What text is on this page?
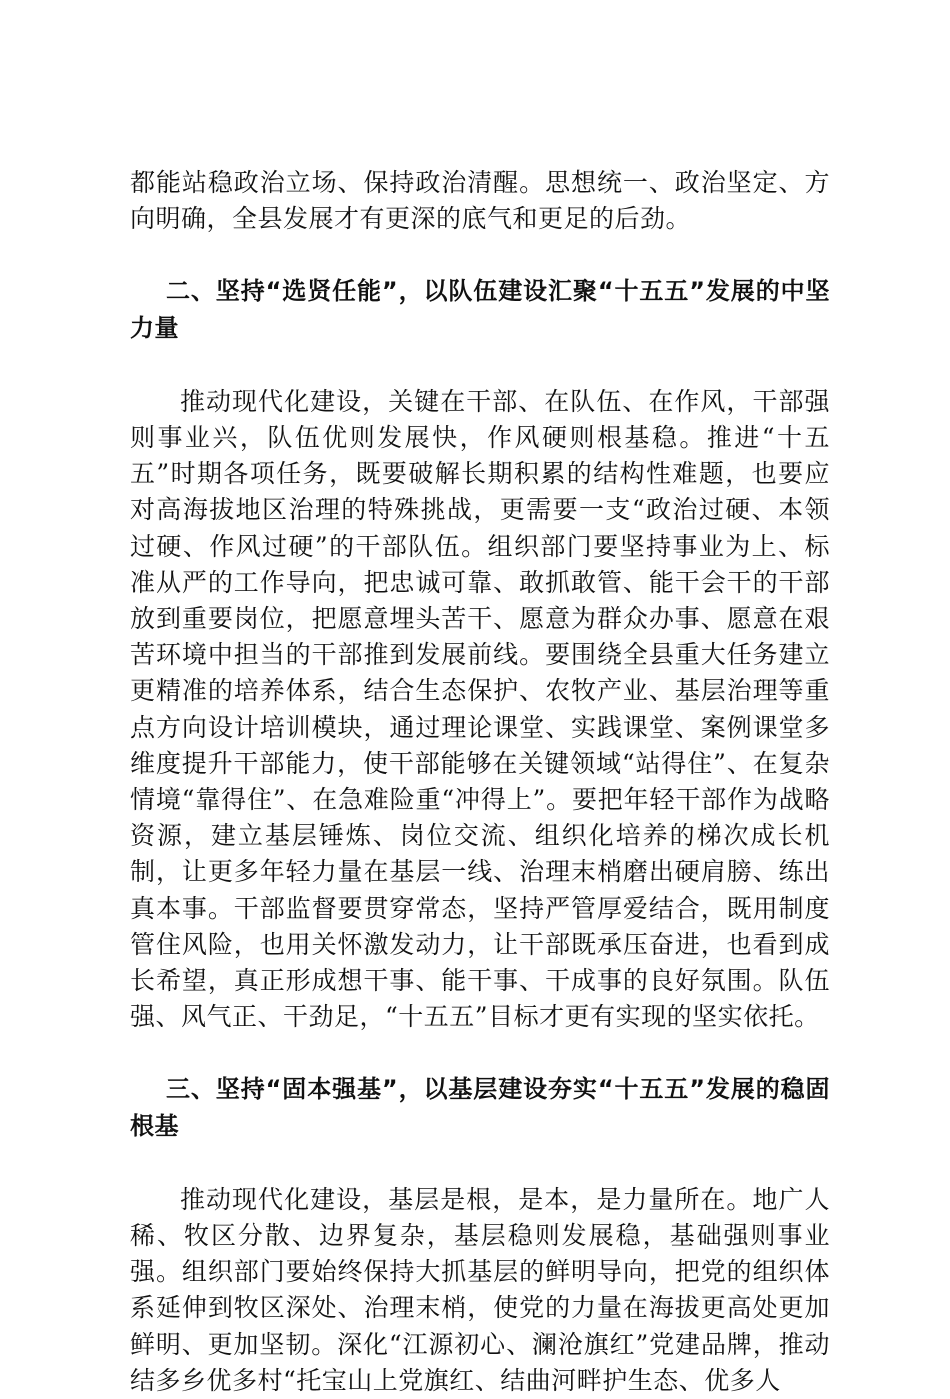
都能站稳政治立场、保持政治清醒。思想统一、政治坚定、方向明确，全县发展才有更深的底气和更足的后劲。

二、坚持“选贤任能”，以队伍建设汇聚“十五五”发展的中坚力量

推动现代化建设，关键在干部、在队伍、在作风，干部强则事业兴，队伍优则发展快，作风硬则根基稳。推进“十五五”时期各项任务，既要破解长期积累的结构性难题，也要应对高海拔地区治理的特殊挑战，更需要一支“政治过硬、本领过硬、作风过硬”的干部队伍。组织部门要坚持事业为上、标准从严的工作导向，把忠诚可靠、敢抓敢管、能干会干的干部放到重要岗位，把愿意埋头苦干、愿意为群众办事、愿意在艰苦环境中担当的干部推到发展前线。要围绕全县重大任务建立更精准的培养体系，结合生态保护、农牧产业、基层治理等重点方向设计培训模块，通过理论课堂、实践课堂、案例课堂多维度提升干部能力，使干部能够在关键领域“站得住”、在复杂情境“靠得住”、在急难险重“冲得上”。要把年轻干部作为战略资源，建立基层锤炼、岗位交流、组织化培养的梯次成长机制，让更多年轻力量在基层一线、治理末梢磨出硬肩膀、练出真本事。干部监督要贯穿常态，坚持严管厚爱结合，既用制度管住风险，也用关怀激发动力，让干部既承压奋进，也看到成长希望，真正形成想干事、能干事、干成事的良好氛围。队伍强、风气正、干劲足，“十五五”目标才更有实现的坚实依托。

三、坚持“固本强基”，以基层建设夯实“十五五”发展的稳固根基

推动现代化建设，基层是根，是本，是力量所在。地广人稀、牧区分散、边界复杂，基层稳则发展稳，基础强则事业强。组织部门要始终保持大抓基层的鲜明导向，把党的组织体系延伸到牧区深处、治理末梢，使党的力量在海拔更高处更加鲜明、更加坚韧。深化“江源初心、澜沧旗红”党建品牌，推动结多乡优多村“托宝山上党旗红、结曲河畔护生态、优多人
